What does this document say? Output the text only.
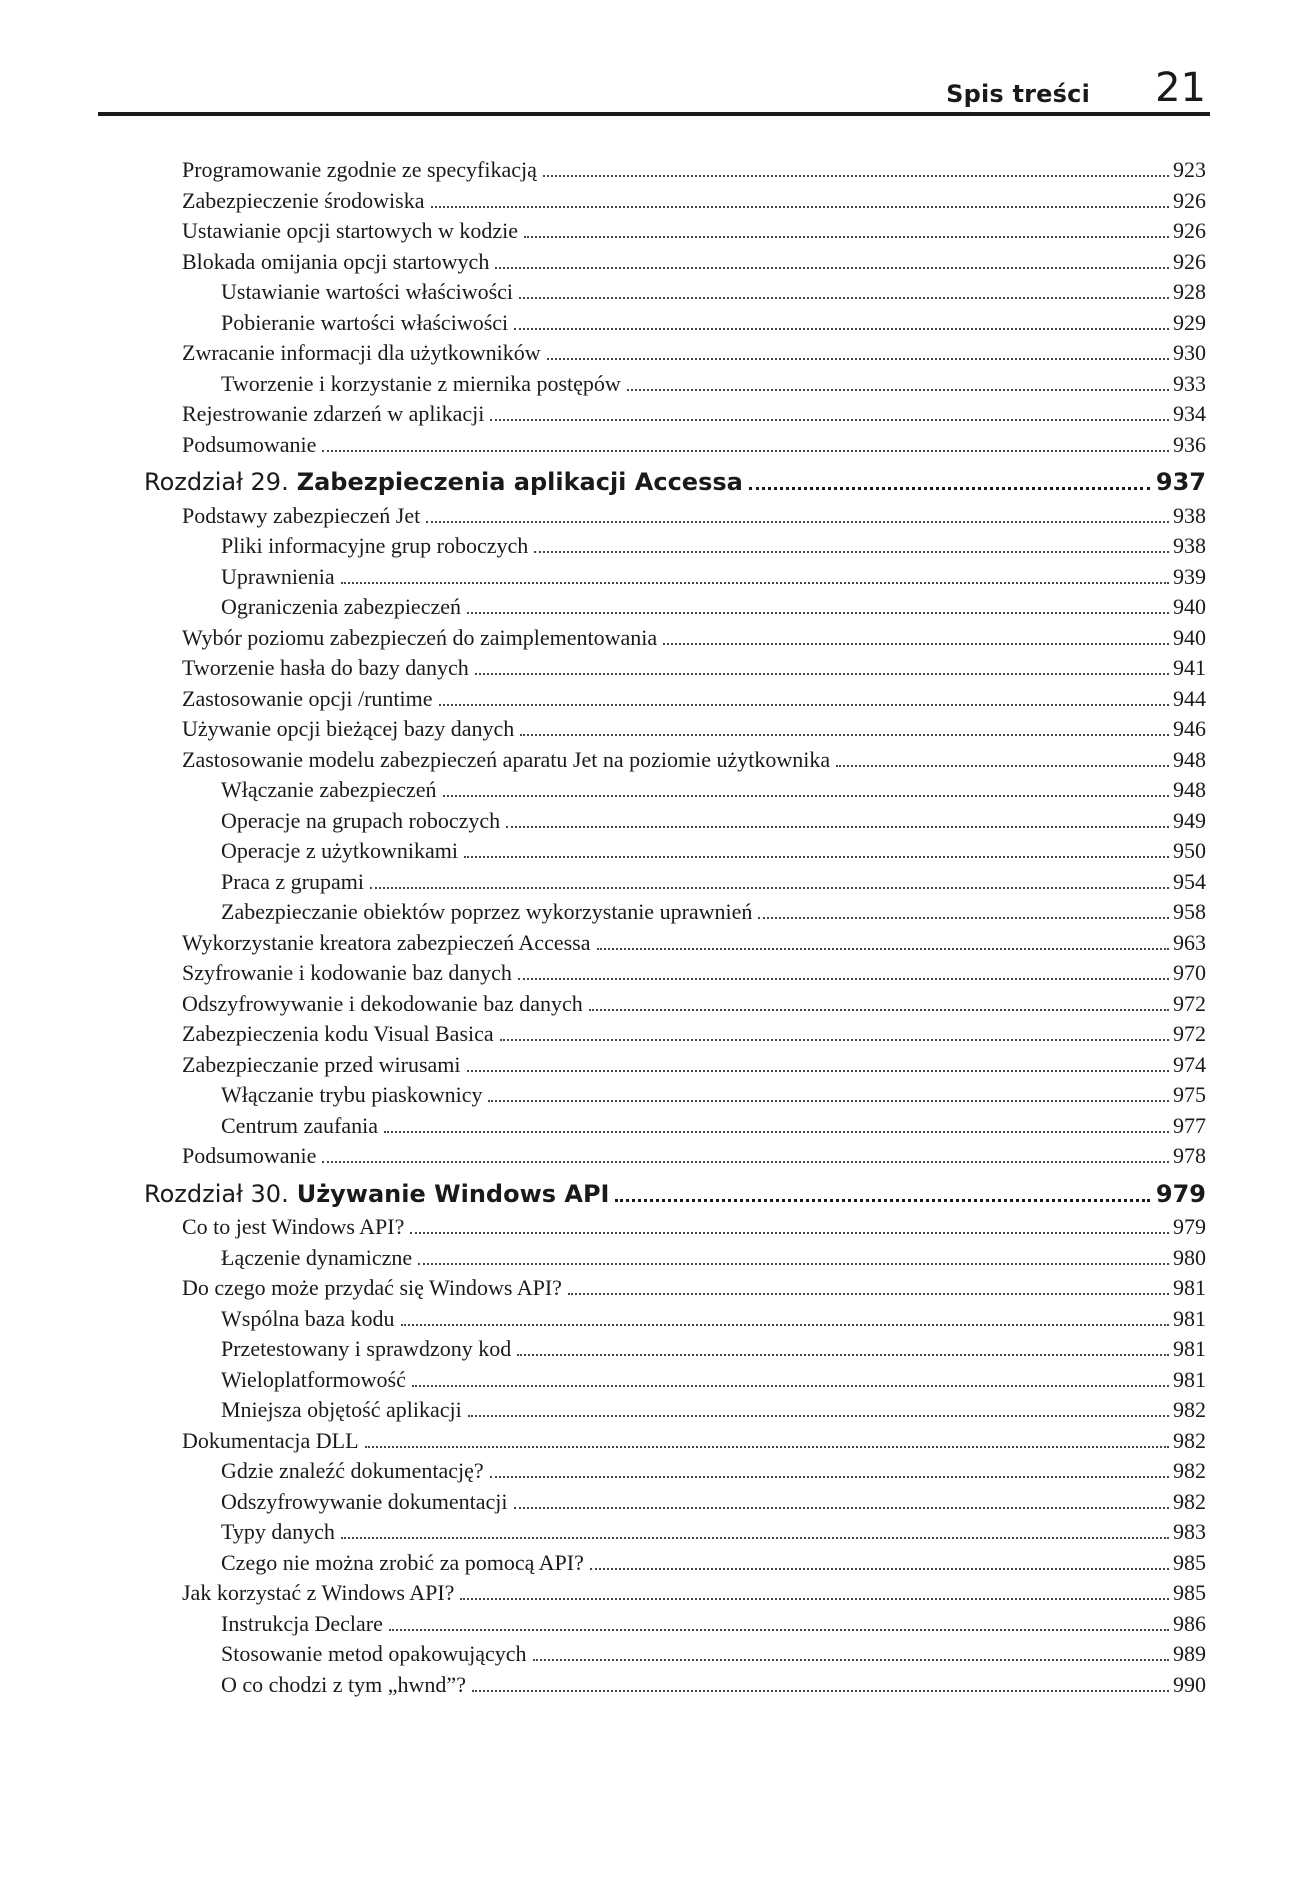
Spis treści 21
Programowanie zgodnie ze specyfikacją	923
Zabezpieczenie środowiska	926
Ustawianie opcji startowych w kodzie	926
Blokada omijania opcji startowych	926
Ustawianie wartości właściwości	928
Pobieranie wartości właściwości	929
Zwracanie informacji dla użytkowników	930
Tworzenie i korzystanie z miernika postępów	933
Rejestrowanie zdarzeń w aplikacji	934
Podsumowanie	936
Rozdział 29. Zabezpieczenia aplikacji Accessa	937
Podstawy zabezpieczeń Jet	938
Pliki informacyjne grup roboczych	938
Uprawnienia	939
Ograniczenia zabezpieczeń	940
Wybór poziomu zabezpieczeń do zaimplementowania	940
Tworzenie hasła do bazy danych	941
Zastosowanie opcji /runtime	944
Używanie opcji bieżącej bazy danych	946
Zastosowanie modelu zabezpieczeń aparatu Jet na poziomie użytkownika	948
Włączanie zabezpieczeń	948
Operacje na grupach roboczych	949
Operacje z użytkownikami	950
Praca z grupami	954
Zabezpieczanie obiektów poprzez wykorzystanie uprawnień	958
Wykorzystanie kreatora zabezpieczeń Accessa	963
Szyfrowanie i kodowanie baz danych	970
Odszyfrowywanie i dekodowanie baz danych	972
Zabezpieczenia kodu Visual Basica	972
Zabezpieczanie przed wirusami	974
Włączanie trybu piaskownicy	975
Centrum zaufania	977
Podsumowanie	978
Rozdział 30. Używanie Windows API	979
Co to jest Windows API?	979
Łączenie dynamiczne	980
Do czego może przydać się Windows API?	981
Wspólna baza kodu	981
Przetestowany i sprawdzony kod	981
Wieloplatformowość	981
Mniejsza objętość aplikacji	982
Dokumentacja DLL	982
Gdzie znaleźć dokumentację?	982
Odszyfrowywanie dokumentacji	982
Typy danych	983
Czego nie można zrobić za pomocą API?	985
Jak korzystać z Windows API?	985
Instrukcja Declare	986
Stosowanie metod opakowujących	989
O co chodzi z tym „hwnd”?	990
